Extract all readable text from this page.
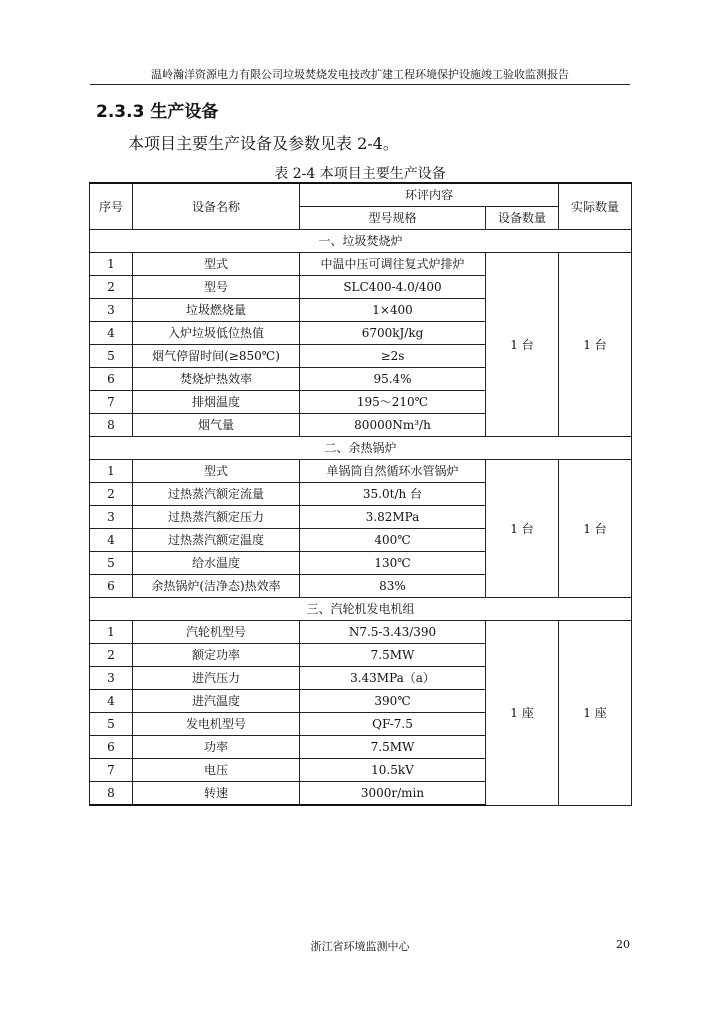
温岭瀚洋资源电力有限公司垃圾焚烧发电技改扩建工程环境保护设施竣工验收监测报告
2.3.3 生产设备
本项目主要生产设备及参数见表 2-4。
表 2-4 本项目主要生产设备
序号	设备名称	环评内容		实际数量
		型号规格	设备数量	
一、垃圾焚烧炉				
1	型式	中温中压可调往复式炉排炉	1 台	1 台
2	型号	SLC400-4.0/400		
3	垃圾燃烧量	1×400		
4	入炉垃圾低位热值	6700kJ/kg		
5	烟气停留时间(≥850℃)	≥2s		
6	焚烧炉热效率	95.4%		
7	排烟温度	195～210℃		
8	烟气量	80000Nm³/h		
二、余热锅炉				
1	型式	单锅筒自然循环水管锅炉	1 台	1 台
2	过热蒸汽额定流量	35.0t/h 台		
3	过热蒸汽额定压力	3.82MPa		
4	过热蒸汽额定温度	400℃		
5	给水温度	130℃		
6	余热锅炉(洁净态)热效率	83%		
三、汽轮机发电机组				
1	汽轮机型号	N7.5-3.43/390	1 座	1 座
2	额定功率	7.5MW		
3	进汽压力	3.43MPa（a）		
4	进汽温度	390℃		
5	发电机型号	QF-7.5		
6	功率	7.5MW		
7	电压	10.5kV		
8	转速	3000r/min		
浙江省环境监测中心	20
